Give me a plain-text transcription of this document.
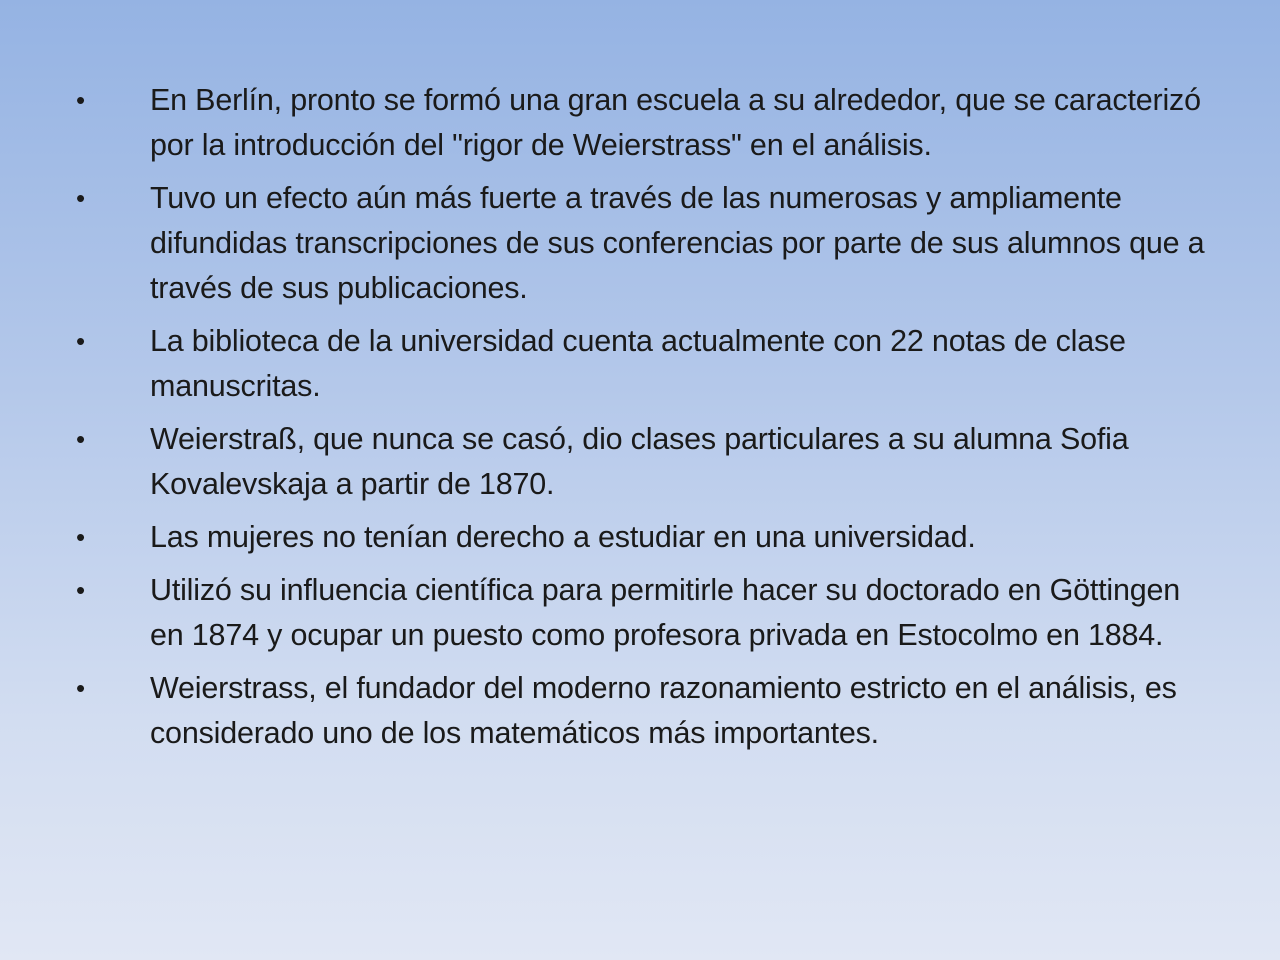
•	En Berlín, pronto se formó una gran escuela a su alrededor, que se caracterizó por la introducción del "rigor de Weierstrass" en el análisis.
•	Tuvo un efecto aún más fuerte a través de las numerosas y ampliamente difundidas transcripciones de sus conferencias por parte de sus alumnos que a través de sus publicaciones.
•	La biblioteca de la universidad cuenta actualmente con 22 notas de clase manuscritas.
•	Weierstraß, que nunca se casó, dio clases particulares a su alumna Sofia Kovalevskaja a partir de 1870.
•	Las mujeres no tenían derecho a estudiar en una universidad.
•	Utilizó su influencia científica para permitirle hacer su doctorado en Göttingen en 1874 y ocupar un puesto como profesora privada en Estocolmo en 1884.
•	Weierstrass, el fundador del moderno razonamiento estricto en el análisis, es considerado uno de los matemáticos más importantes.
